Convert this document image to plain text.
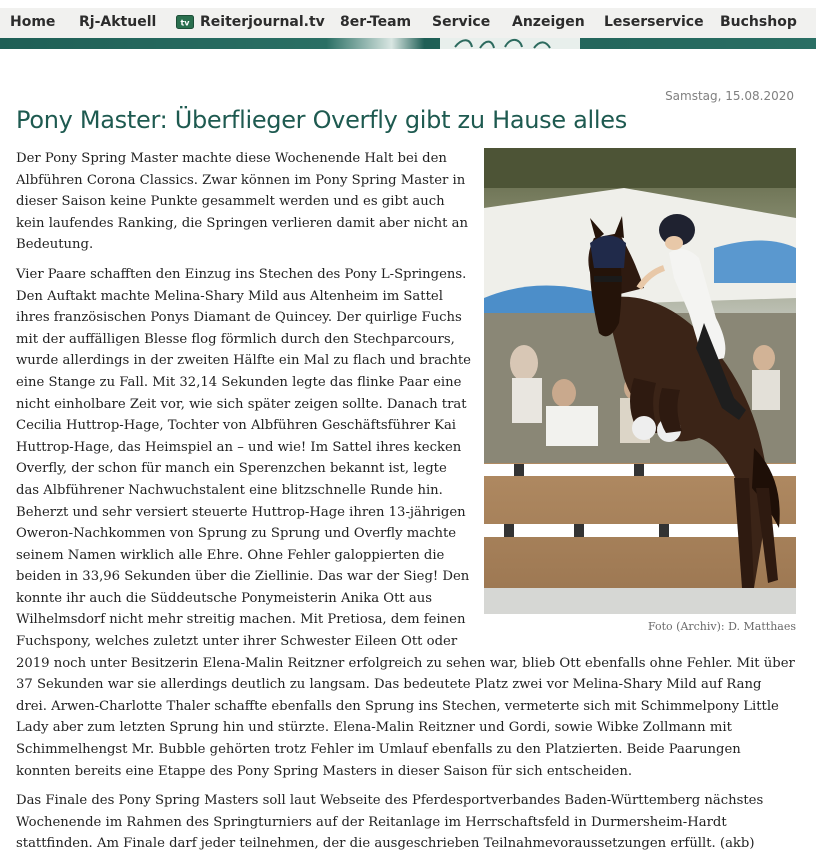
Home Rj-Aktuell	tv Reiterjournal.tv 8er-Team Service Anzeigen Leserservice Buchshop
Samstag, 15.08.2020
Pony Master: Überflieger Overfly gibt zu Hause alles
Foto (Archiv): D. Matthaes

Der Pony Spring Master machte diese Wochenende Halt bei den Albführen Corona Classics. Zwar können im Pony Spring Master in dieser Saison keine Punkte gesammelt werden und es gibt auch kein laufendes Ranking, die Springen verlieren damit aber nicht an Bedeutung.

Vier Paare schafften den Einzug ins Stechen des Pony L-Springens. Den Auftakt machte Melina-Shary Mild aus Altenheim im Sattel ihres französischen Ponys Diamant de Quincey. Der quirlige Fuchs mit der auffälligen Blesse flog förmlich durch den Stechparcours, wurde allerdings in der zweiten Hälfte ein Mal zu flach und brachte eine Stange zu Fall. Mit 32,14 Sekunden legte das flinke Paar eine nicht einholbare Zeit vor, wie sich später zeigen sollte. Danach trat Cecilia Huttrop-Hage, Tochter von Albführen Geschäftsführer Kai Huttrop-Hage, das Heimspiel an – und wie! Im Sattel ihres kecken Overfly, der schon für manch ein Sperenzchen bekannt ist, legte das Albführener Nachwuchstalent eine blitzschnelle Runde hin. Beherzt und sehr versiert steuerte Huttrop-Hage ihren 13-jährigen Oweron-Nachkommen von Sprung zu Sprung und Overfly machte seinem Namen wirklich alle Ehre. Ohne Fehler galoppierten die beiden in 33,96 Sekunden über die Ziellinie. Das war der Sieg! Den konnte ihr auch die Süddeutsche Ponymeisterin Anika Ott aus Wilhelmsdorf nicht mehr streitig machen. Mit Pretiosa, dem feinen Fuchspony, welches zuletzt unter ihrer Schwester Eileen Ott oder 2019 noch unter Besitzerin Elena-Malin Reitzner erfolgreich zu sehen war, blieb Ott ebenfalls ohne Fehler. Mit über 37 Sekunden war sie allerdings deutlich zu langsam. Das bedeutete Platz zwei vor Melina-Shary Mild auf Rang drei. Arwen-Charlotte Thaler schaffte ebenfalls den Sprung ins Stechen, vermeterte sich mit Schimmelpony Little Lady aber zum letzten Sprung hin und stürzte. Elena-Malin Reitzner und Gordi, sowie Wibke Zollmann mit Schimmelhengst Mr. Bubble gehörten trotz Fehler im Umlauf ebenfalls zu den Platzierten. Beide Paarungen konnten bereits eine Etappe des Pony Spring Masters in dieser Saison für sich entscheiden.

Das Finale des Pony Spring Masters soll laut Webseite des Pferdesportverbandes Baden-Württemberg nächstes Wochenende im Rahmen des Springturniers auf der Reitanlage im Herrschaftsfeld in Durmersheim-Hardt stattfinden. Am Finale darf jeder teilnehmen, der die ausgeschrieben Teilnahmevoraussetzungen erfüllt. (akb)
